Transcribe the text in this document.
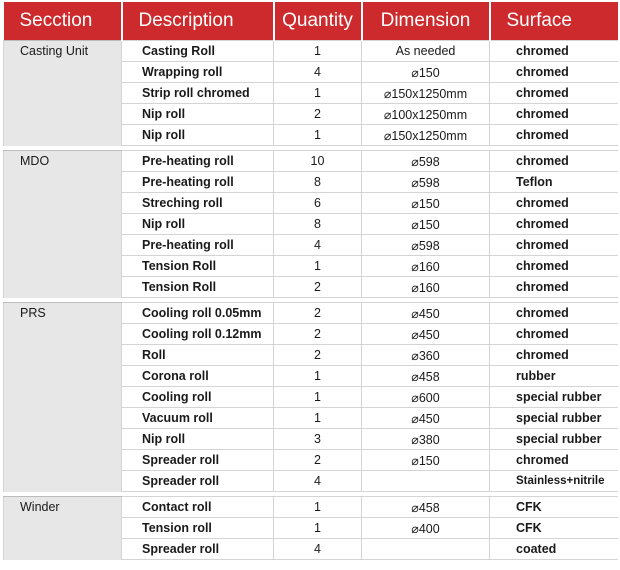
Secction	Description	Quantity	Dimension	Surface
Casting Unit	Casting Roll	1	As needed	chromed
	Wrapping roll	4	⌀150	chromed
	Strip roll chromed	1	⌀150x1250mm	chromed
	Nip roll	2	⌀100x1250mm	chromed
	Nip roll	1	⌀150x1250mm	chromed

MDO	Pre-heating roll	10	⌀598	chromed
	Pre-heating roll	8	⌀598	Teflon
	Streching roll	6	⌀150	chromed
	Nip roll	8	⌀150	chromed
	Pre-heating roll	4	⌀598	chromed
	Tension Roll	1	⌀160	chromed
	Tension Roll	2	⌀160	chromed

PRS	Cooling roll 0.05mm	2	⌀450	chromed
	Cooling roll 0.12mm	2	⌀450	chromed
	Roll	2	⌀360	chromed
	Corona roll	1	⌀458	rubber
	Cooling roll	1	⌀600	special rubber
	Vacuum roll	1	⌀450	special rubber
	Nip roll	3	⌀380	special rubber
	Spreader roll	2	⌀150	chromed
	Spreader roll	4		Stainless+nitrile

Winder	Contact roll	1	⌀458	CFK
	Tension roll	1	⌀400	CFK
	Spreader roll	4		coated
